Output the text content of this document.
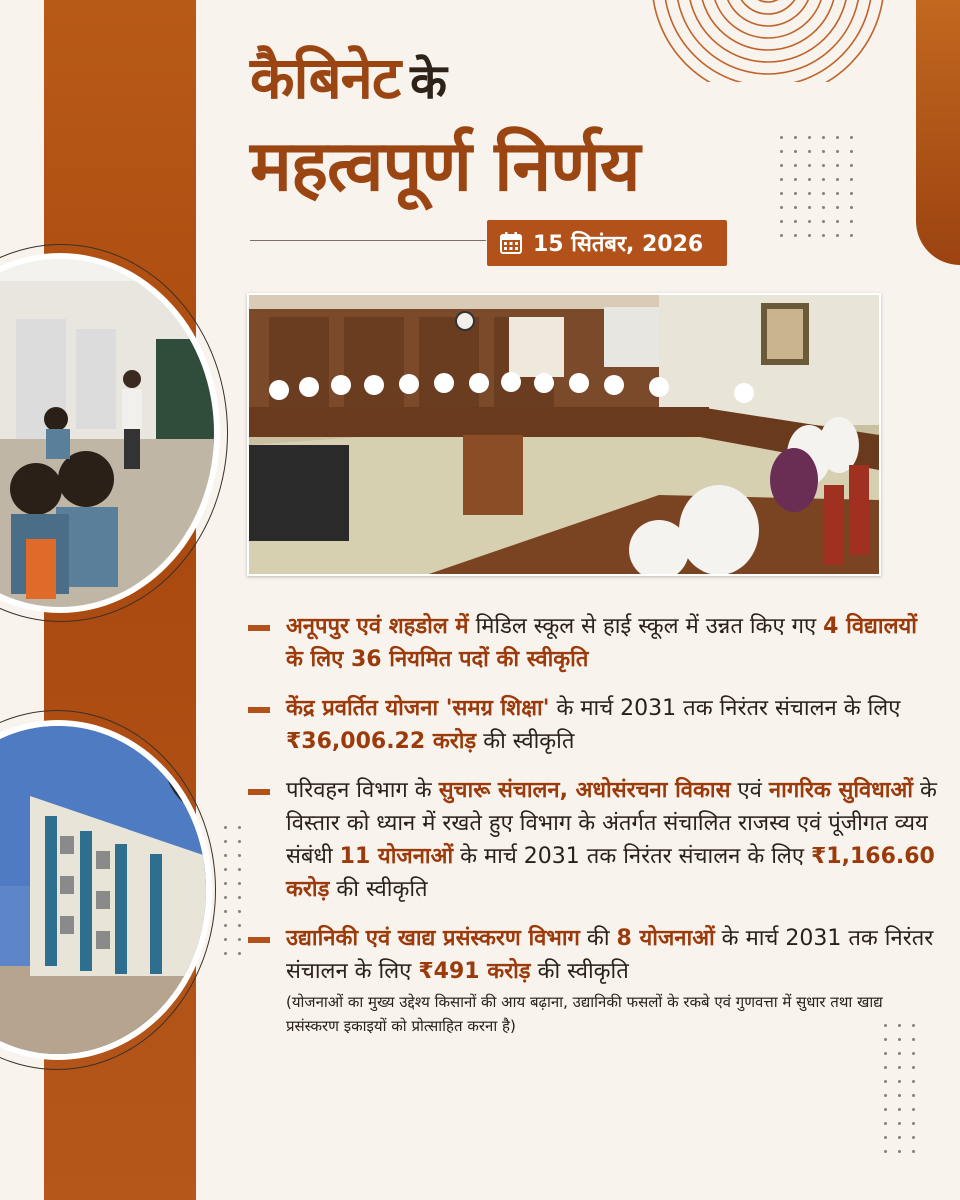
कैबिनेट के
महत्वपूर्ण निर्णय
15 सितंबर, 2026
अनूपपुर एवं शहडोल में मिडिल स्कूल से हाई स्कूल में उन्नत किए गए 4 विद्यालयों के लिए 36 नियमित पदों की स्वीकृति
केंद्र प्रवर्तित योजना 'समग्र शिक्षा' के मार्च 2031 तक निरंतर संचालन के लिए ₹36,006.22 करोड़ की स्वीकृति
परिवहन विभाग के सुचारू संचालन, अधोसंरचना विकास एवं नागरिक सुविधाओं के विस्तार को ध्यान में रखते हुए विभाग के अंतर्गत संचालित राजस्व एवं पूंजीगत व्यय संबंधी 11 योजनाओं के मार्च 2031 तक निरंतर संचालन के लिए ₹1,166.60 करोड़ की स्वीकृति
उद्यानिकी एवं खाद्य प्रसंस्करण विभाग की 8 योजनाओं के मार्च 2031 तक निरंतर संचालन के लिए ₹491 करोड़ की स्वीकृति
(योजनाओं का मुख्य उद्देश्य किसानों की आय बढ़ाना, उद्यानिकी फसलों के रकबे एवं गुणवत्ता में सुधार तथा खाद्य प्रसंस्करण इकाइयों को प्रोत्साहित करना है)
